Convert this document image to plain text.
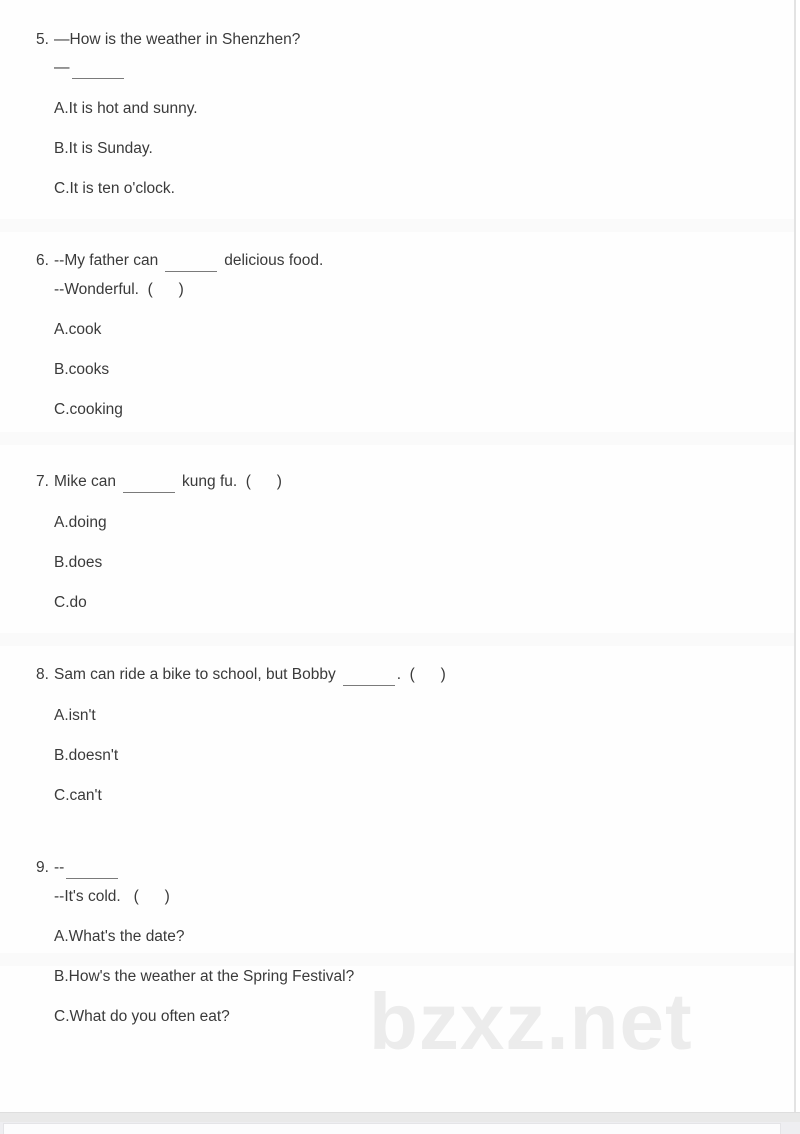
bzxz.net
5. —How is the weather in Shenzhen?
—
A.It is hot and sunny.
B.It is Sunday.
C.It is ten o'clock.
6. --My father can	delicious food.
--Wonderful.  (      )
A.cook
B.cooks
C.cooking
7. Mike can	kung fu.  (      )
A.doing
B.does
C.do
8. Sam can ride a bike to school, but Bobby	.  (      )
A.isn't
B.doesn't
C.can't
9. --
--It's cold.   (      )
A.What's the date?
B.How's the weather at the Spring Festival?
C.What do you often eat?
